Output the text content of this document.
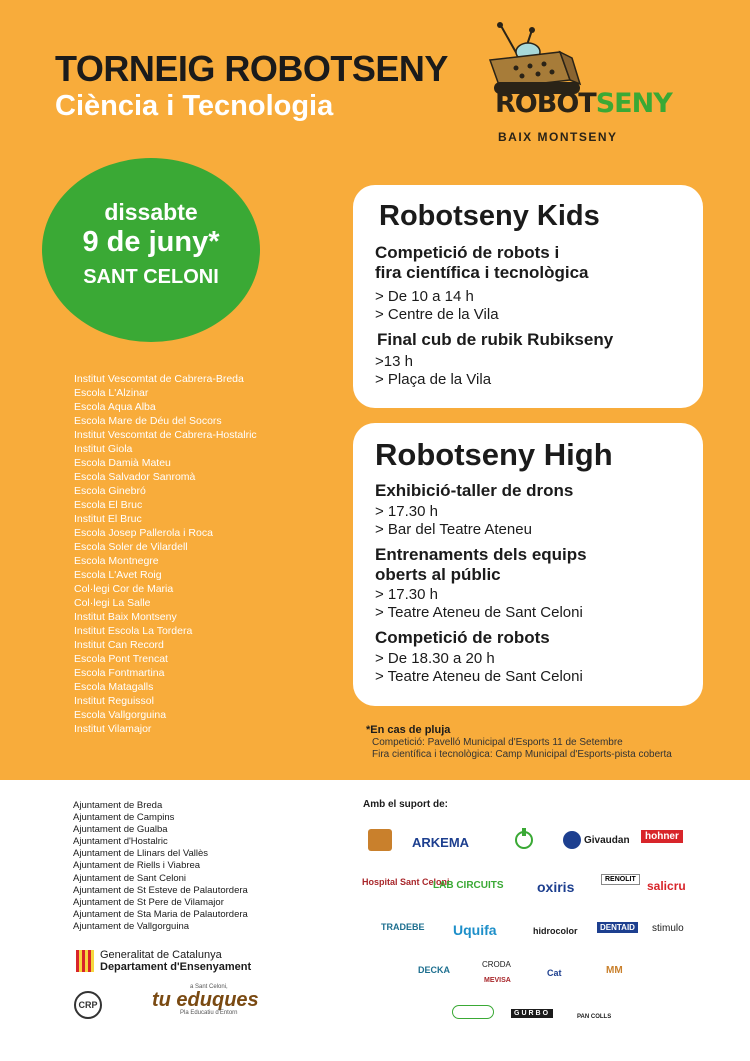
TORNEIG ROBOTSENY
Ciència i Tecnologia	ROBOTSENY
BAIX MONTSENY
dissabte
9 de juny*
SANT CELONI
Institut Vescomtat de Cabrera-Breda
Escola L'Alzinar
Escola Aqua Alba
Escola Mare de Déu del Socors
Institut Vescomtat de Cabrera-Hostalric
Institut Giola
Escola Damià Mateu
Escola Salvador Sanromà
Escola Ginebró
Escola El Bruc
Institut El Bruc
Escola Josep Pallerola i Roca
Escola Soler de Vilardell
Escola Montnegre
Escola L'Avet Roig
Col·legi Cor de Maria
Col·legi La Salle
Institut Baix Montseny
Institut Escola La Tordera
Institut Can Record
Escola Pont Trencat
Escola Fontmartina
Escola Matagalls
Institut Reguissol
Escola Vallgorguina
Institut Vilamajor
Robotseny Kids
Competició de robots i
fira científica i tecnològica

> De 10 a 14 h

> Centre de la Vila

Final cub de rubik Rubikseny

>13 h

> Plaça de la Vila

Robotseny High
Exhibició-taller de drons

> 17.30 h

> Bar del Teatre Ateneu

Entrenaments dels equips
oberts al públic

> 17.30 h

> Teatre Ateneu de Sant Celoni

Competició de robots

> De 18.30 a 20 h

> Teatre Ateneu de Sant Celoni

*En cas de pluja

Competició: Pavelló Municipal d'Esports 11 de Setembre

Fira científica i tecnològica: Camp Municipal d'Esports-pista coberta

Ajuntament de Breda
Ajuntament de Campins
Ajuntament de Gualba
Ajuntament d'Hostalric
Ajuntament de Llinars del Vallès
Ajuntament de Riells i Viabrea
Ajuntament de Sant Celoni
Ajuntament de St Esteve de Palautordera
Ajuntament de St Pere de Vilamajor
Ajuntament de Sta Maria de Palautordera
Ajuntament de Vallgorguina
Generalitat de Catalunya
Departament d'Ensenyament
CRP
a Sant Celoni,
tu eduques
Pla Educatiu d'Entorn
Amb el suport de:
ARKEMA	Givaudan	hohner
Hospital Sant Celoni
LAB CIRCUITS oxiris	RENOLIT salicru
TRADEBE Uquifa	hidrocolor	DENTAID	stimulo
DECKA
CRODA
MEVISA
Cat	MM
GURBO	PAN COLLS
